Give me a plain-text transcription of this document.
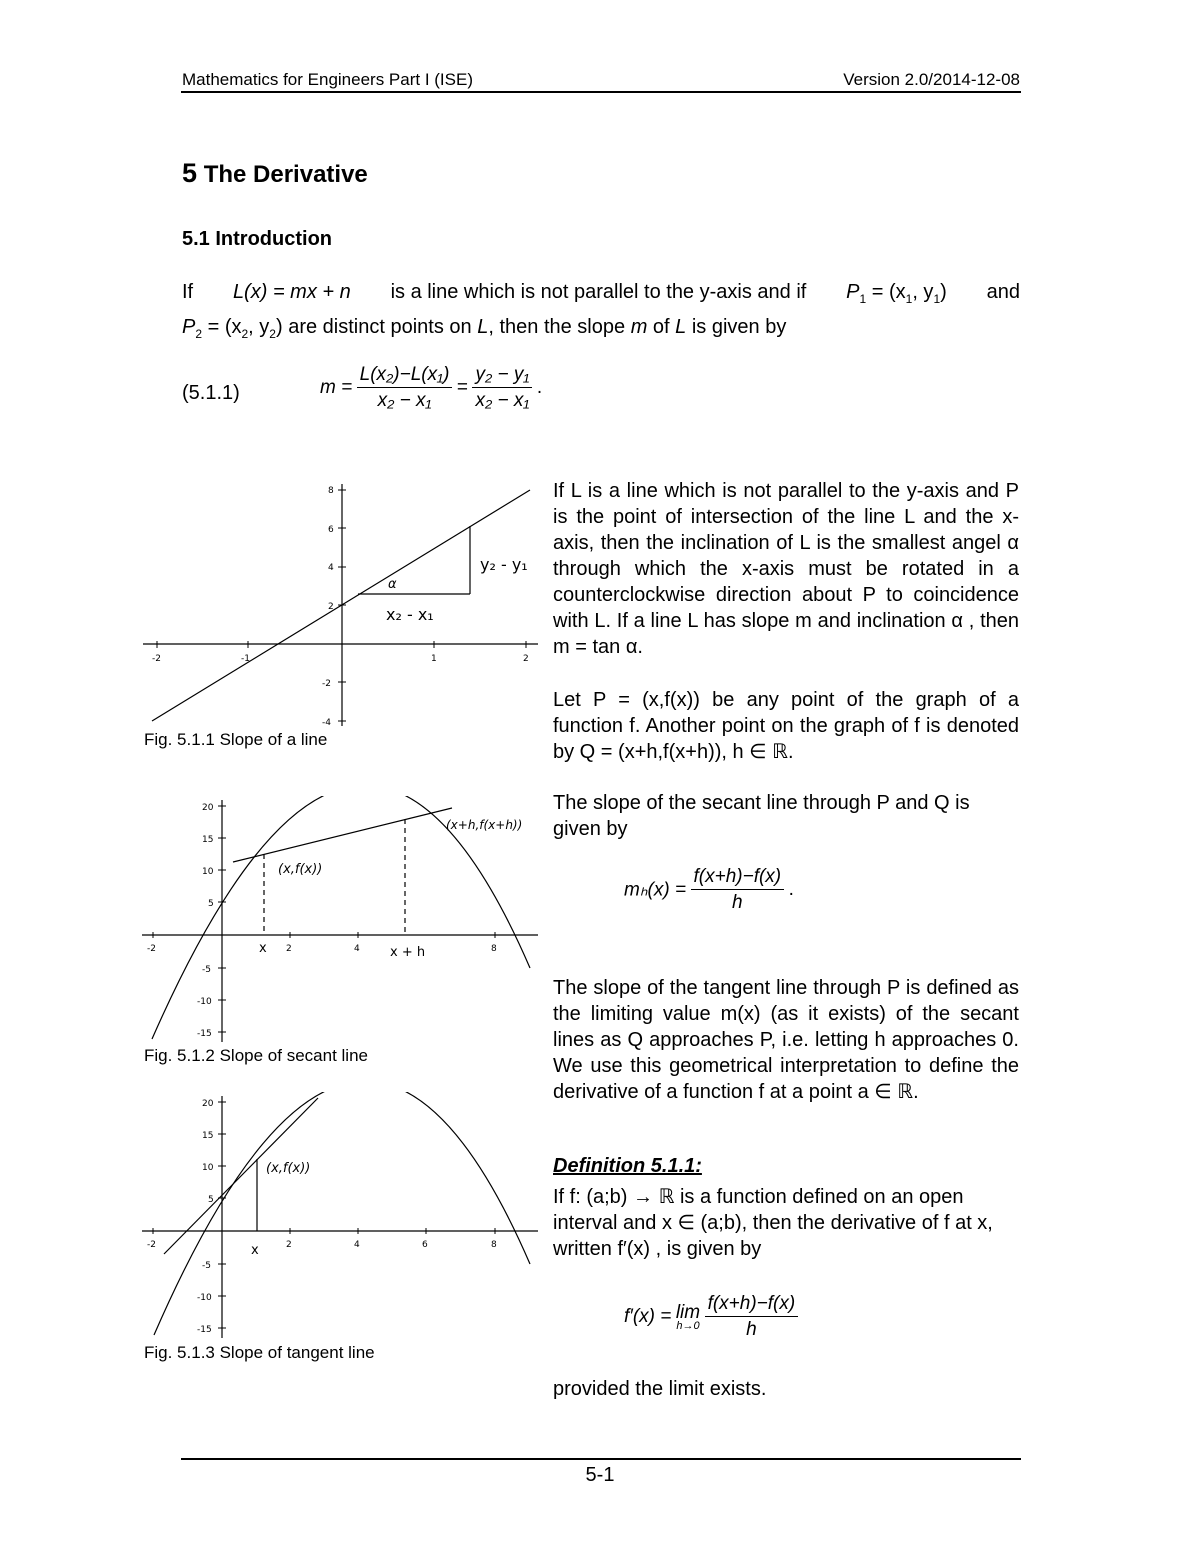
Mathematics for Engineers Part I (ISE)	Version 2.0/2014-12-08
5 The Derivative
5.1 Introduction
If L(x) = mx + n is a line which is not parallel to the y-axis and if $P_1 = (x_1$, $y_1$) and
$P_2 = (x_2$, $y_2$) are distinct points on L, then the slope m of L is given by
(5.1.1)	$m = \frac{\text{L(x₂)−L(x₁)}}{\text{x₂ − x₁}} = \frac{\text{y₂ − y₁}}{\text{x₂ − x₁}}$ .
If L is a line which is not parallel to the y-axis and P is the point of intersection of the line L and the x-axis, then the inclination of L is the smallest angel α through which the x-axis must be rotated in a counterclockwise direction about P to coincidence with L. If a line L has slope m and inclination α , then m = tan α.
Let P = (x,f(x)) be any point of the graph of a function f. Another point on the graph of f is denoted by Q = (x+h,f(x+h)), h ∈ ℝ.
The slope of the secant line through P and Q is given by
$m_h(x) = \frac{f(x+h)-f(x)}{h}$ .
The slope of the tangent line through P is defined as the limiting value m(x) (as it exists) of the secant lines as Q approaches P, i.e. letting h approaches 0. We use this geometrical interpretation to define the derivative of a function f at a point a ∈ ℝ.
Definition 5.1.1:
If f: (a;b) → ℝ is a function defined on an open interval and x ∈ (a;b), then the derivative of f at x, written f′(x) , is given by
f′(x) = lim
h→0
$\frac{f(x+h)-f(x)}{h}$
provided the limit exists.
-2	-1	1	2
8
6
4
2
-2
-4
α
y₂ - y₁
x₂ - x₁
Fig. 5.1.1 Slope of a line
-2	2	4	8
20
15
10
5
-5
-10
-15
x	x + h
(x,f(x))
(x+h,f(x+h))
Fig. 5.1.2 Slope of secant line
-2	2	4	6	8
20
15
10
5
-5
-10
-15
x
(x,f(x))
Fig. 5.1.3 Slope of tangent line
5-1
